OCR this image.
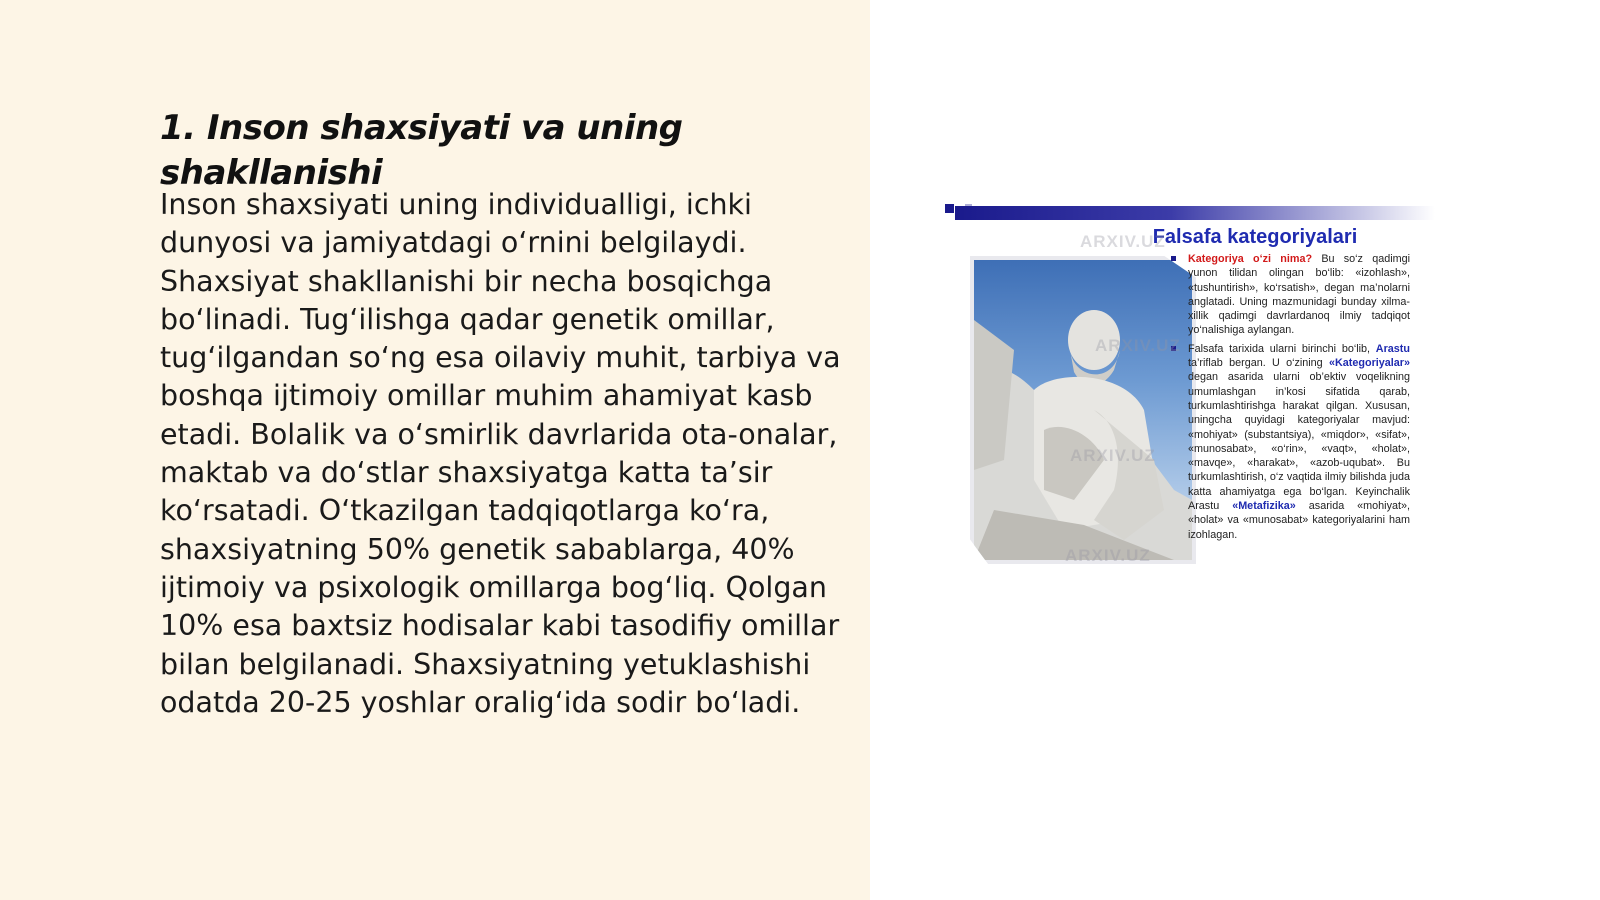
1. Inson shaxsiyati va uning shakllanishi

Inson shaxsiyati uning individualligi, ichki dunyosi va jamiyatdagi o‘rnini belgilaydi. Shaxsiyat shakllanishi bir necha bosqichga bo‘linadi. Tug‘ilishga qadar genetik omillar, tug‘ilgandan so‘ng esa oilaviy muhit, tarbiya va boshqa ijtimoiy omillar muhim ahamiyat kasb etadi. Bolalik va o‘smirlik davrlarida ota-onalar, maktab va do‘stlar shaxsiyatga katta ta’sir ko‘rsatadi. O‘tkazilgan tadqiqotlarga ko‘ra, shaxsiyatning 50% genetik sabablarga, 40% ijtimoiy va psixologik omillarga bog‘liq. Qolgan 10% esa baxtsiz hodisalar kabi tasodifiy omillar bilan belgilanadi. Shaxsiyatning yetuklashishi odatda 20-25 yoshlar oralig‘ida sodir bo‘ladi.

Falsafa kategoriyalari
Kategoriya o‘zi nima? Bu so‘z qadimgi yunon tilidan olingan bo‘lib: «izohlash», «tushuntirish», ko‘rsatish», degan ma’nolarni anglatadi. Uning mazmunidagi bunday xilma-xillik qadimgi davrlardanoq ilmiy tadqiqot yo‘nalishiga aylangan.
Falsafa tarixida ularni birinchi bo‘lib, Arastu ta’riflab bergan. U o‘zining «Kategoriyalar» degan asarida ularni ob’ektiv voqelikning umumlashgan in’kosi sifatida qarab, turkumlashtirishga harakat qilgan. Xususan, uningcha quyidagi kategoriyalar mavjud: «mohiyat» (substantsiya), «miqdor», «sifat», «munosabat», «o‘rin», «vaqt», «holat», «mavqe», «harakat», «azob-uqubat». Bu turkumlashtirish, o‘z vaqtida ilmiy bilishda juda katta ahamiyatga ega bo‘lgan. Keyinchalik Arastu «Metafizika» asarida «mohiyat», «holat» va «munosabat» kategoriyalarini ham izohlagan.
ARXIV.UZ
ARXIV.UZ
ARXIV.UZ
ARXIV.UZ
